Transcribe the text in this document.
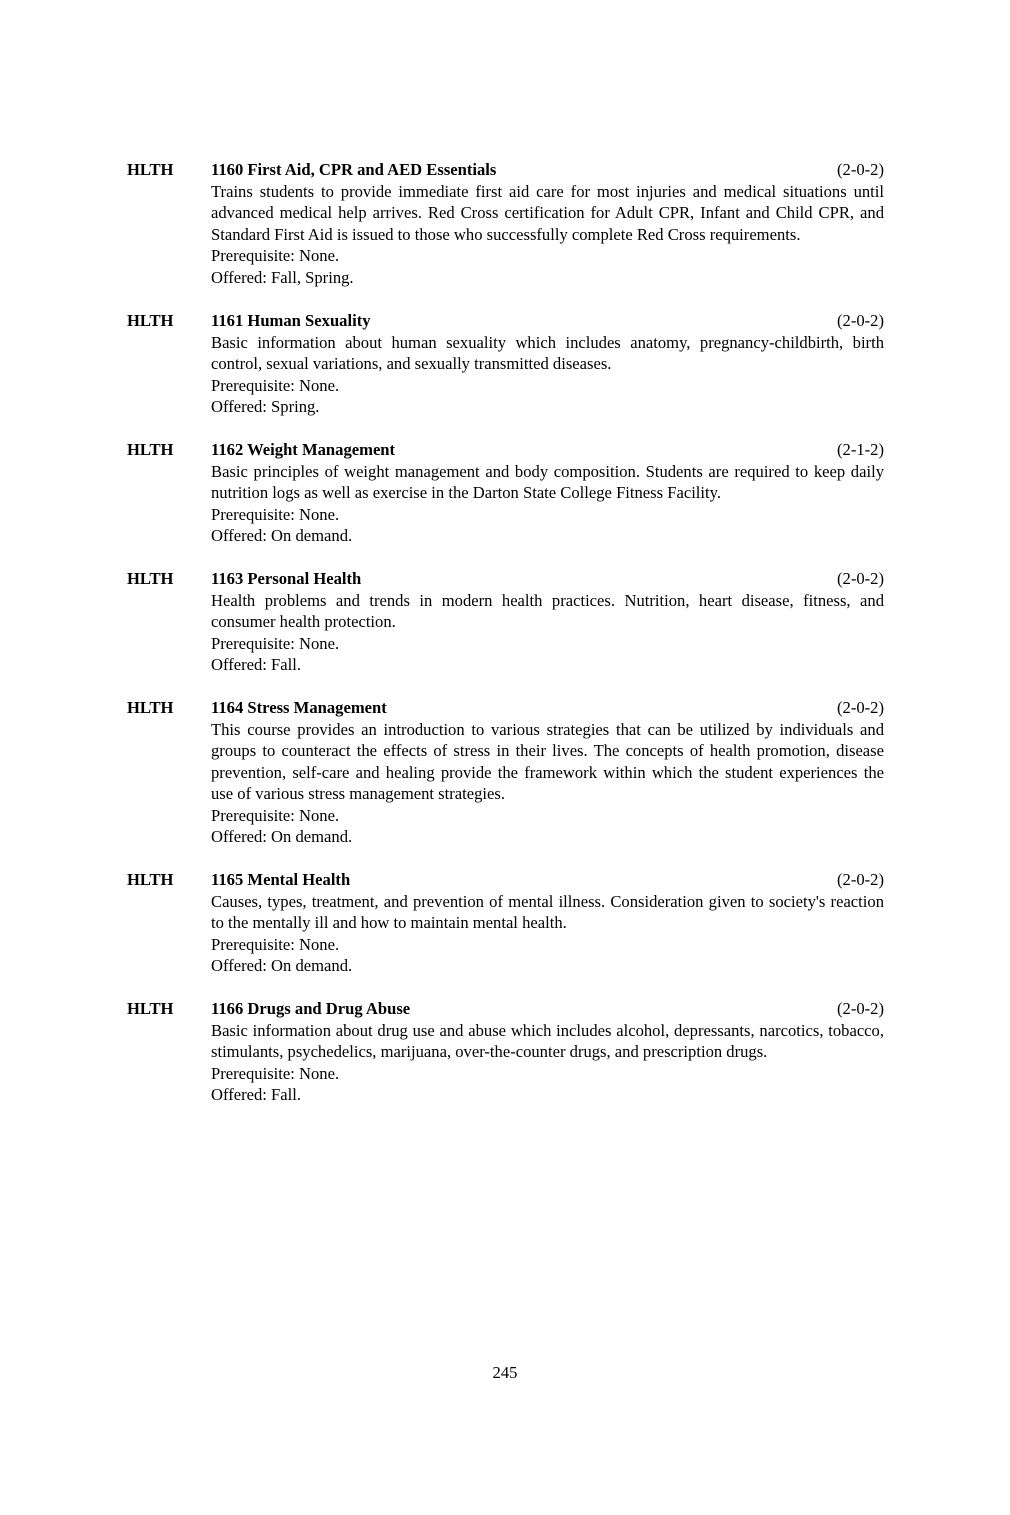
HLTH 1160 First Aid, CPR and AED Essentials	(2-0-2)
Trains students to provide immediate first aid care for most injuries and medical situations until advanced medical help arrives. Red Cross certification for Adult CPR, Infant and Child CPR, and Standard First Aid is issued to those who successfully complete Red Cross requirements.
Prerequisite: None.
Offered: Fall, Spring.
HLTH 1161 Human Sexuality	(2-0-2)
Basic information about human sexuality which includes anatomy, pregnancy-childbirth, birth control, sexual variations, and sexually transmitted diseases.
Prerequisite: None.
Offered: Spring.
HLTH 1162 Weight Management	(2-1-2)
Basic principles of weight management and body composition. Students are required to keep daily nutrition logs as well as exercise in the Darton State College Fitness Facility.
Prerequisite: None.
Offered: On demand.
HLTH 1163 Personal Health	(2-0-2)
Health problems and trends in modern health practices. Nutrition, heart disease, fitness, and consumer health protection.
Prerequisite: None.
Offered: Fall.
HLTH 1164 Stress Management	(2-0-2)
This course provides an introduction to various strategies that can be utilized by individuals and groups to counteract the effects of stress in their lives. The concepts of health promotion, disease prevention, self-care and healing provide the framework within which the student experiences the use of various stress management strategies.
Prerequisite: None.
Offered: On demand.
HLTH 1165 Mental Health	(2-0-2)
Causes, types, treatment, and prevention of mental illness. Consideration given to society's reaction to the mentally ill and how to maintain mental health.
Prerequisite: None.
Offered: On demand.
HLTH 1166 Drugs and Drug Abuse	(2-0-2)
Basic information about drug use and abuse which includes alcohol, depressants, narcotics, tobacco, stimulants, psychedelics, marijuana, over-the-counter drugs, and prescription drugs.
Prerequisite: None.
Offered: Fall.
245
